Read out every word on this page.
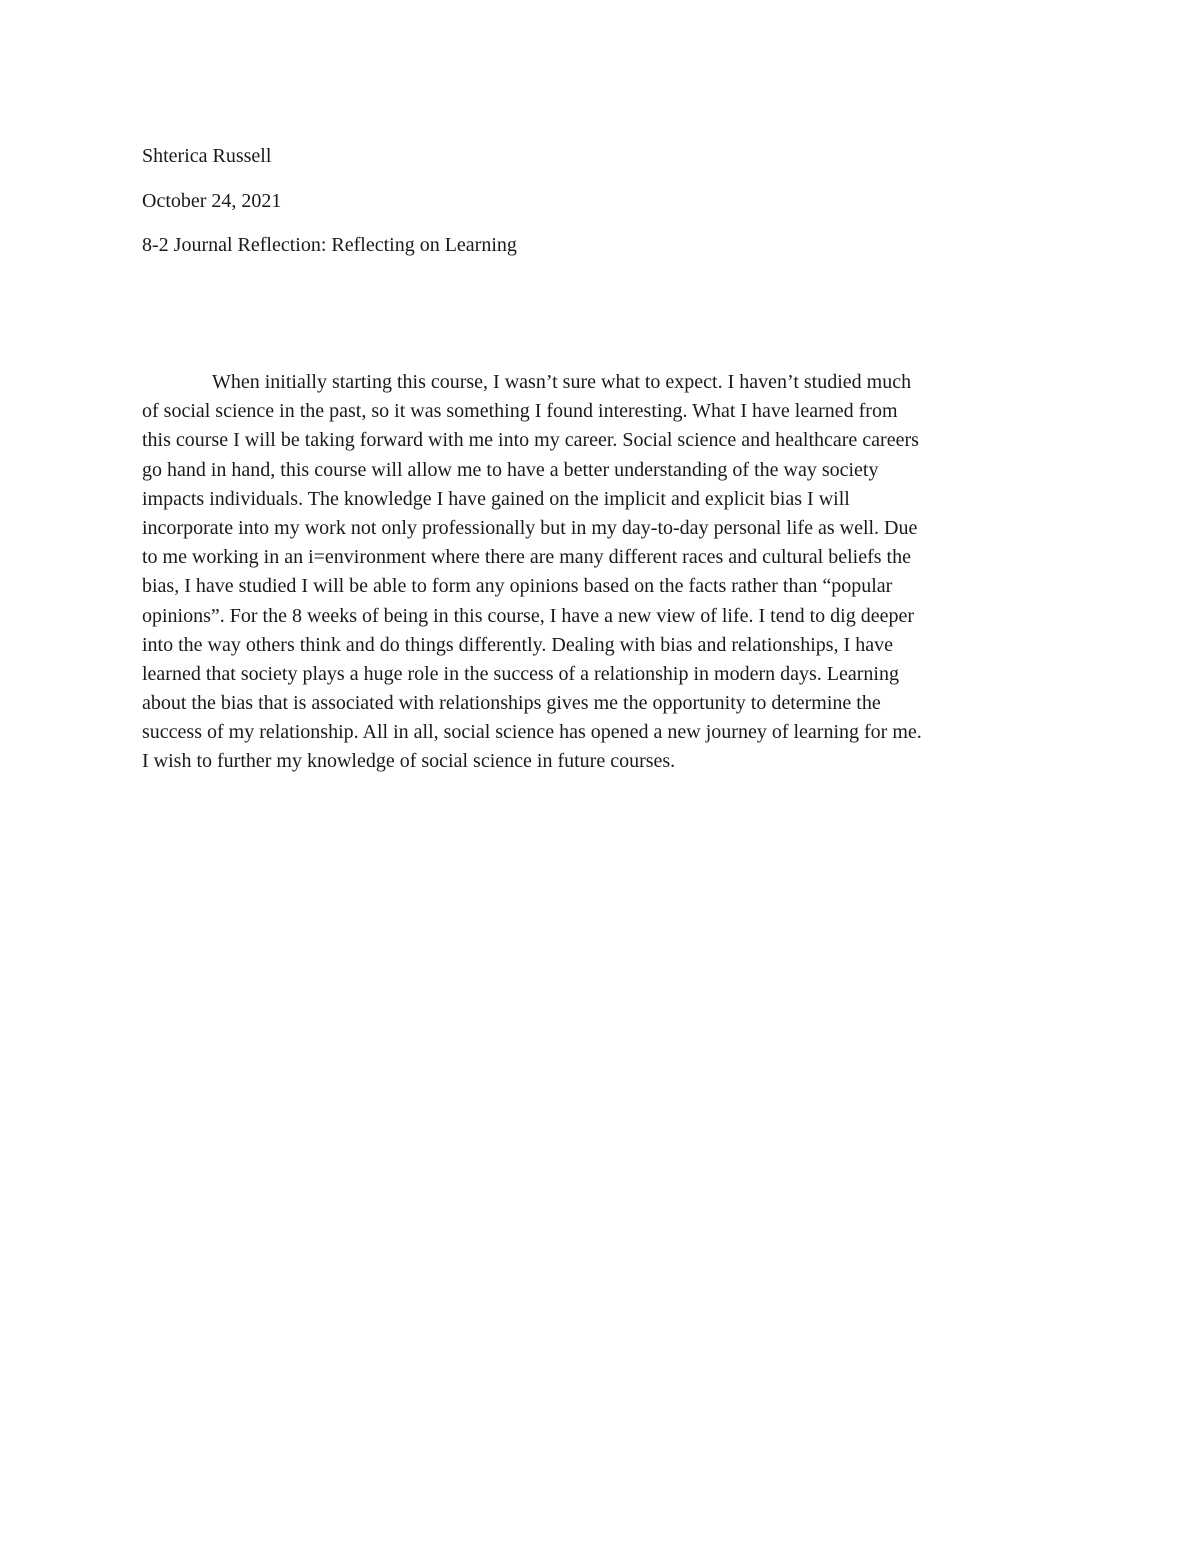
Shterica Russell

October 24, 2021

8-2 Journal Reflection: Reflecting on Learning

When initially starting this course, I wasn’t sure what to expect. I haven’t studied much
of social science in the past, so it was something I found interesting. What I have learned from
this course I will be taking forward with me into my career. Social science and healthcare careers
go hand in hand, this course will allow me to have a better understanding of the way society
impacts individuals. The knowledge I have gained on the implicit and explicit bias I will
incorporate into my work not only professionally but in my day-to-day personal life as well. Due
to me working in an i=environment where there are many different races and cultural beliefs the
bias, I have studied I will be able to form any opinions based on the facts rather than “popular
opinions”. For the 8 weeks of being in this course, I have a new view of life. I tend to dig deeper
into the way others think and do things differently. Dealing with bias and relationships, I have
learned that society plays a huge role in the success of a relationship in modern days. Learning
about the bias that is associated with relationships gives me the opportunity to determine the
success of my relationship. All in all, social science has opened a new journey of learning for me.
I wish to further my knowledge of social science in future courses.
